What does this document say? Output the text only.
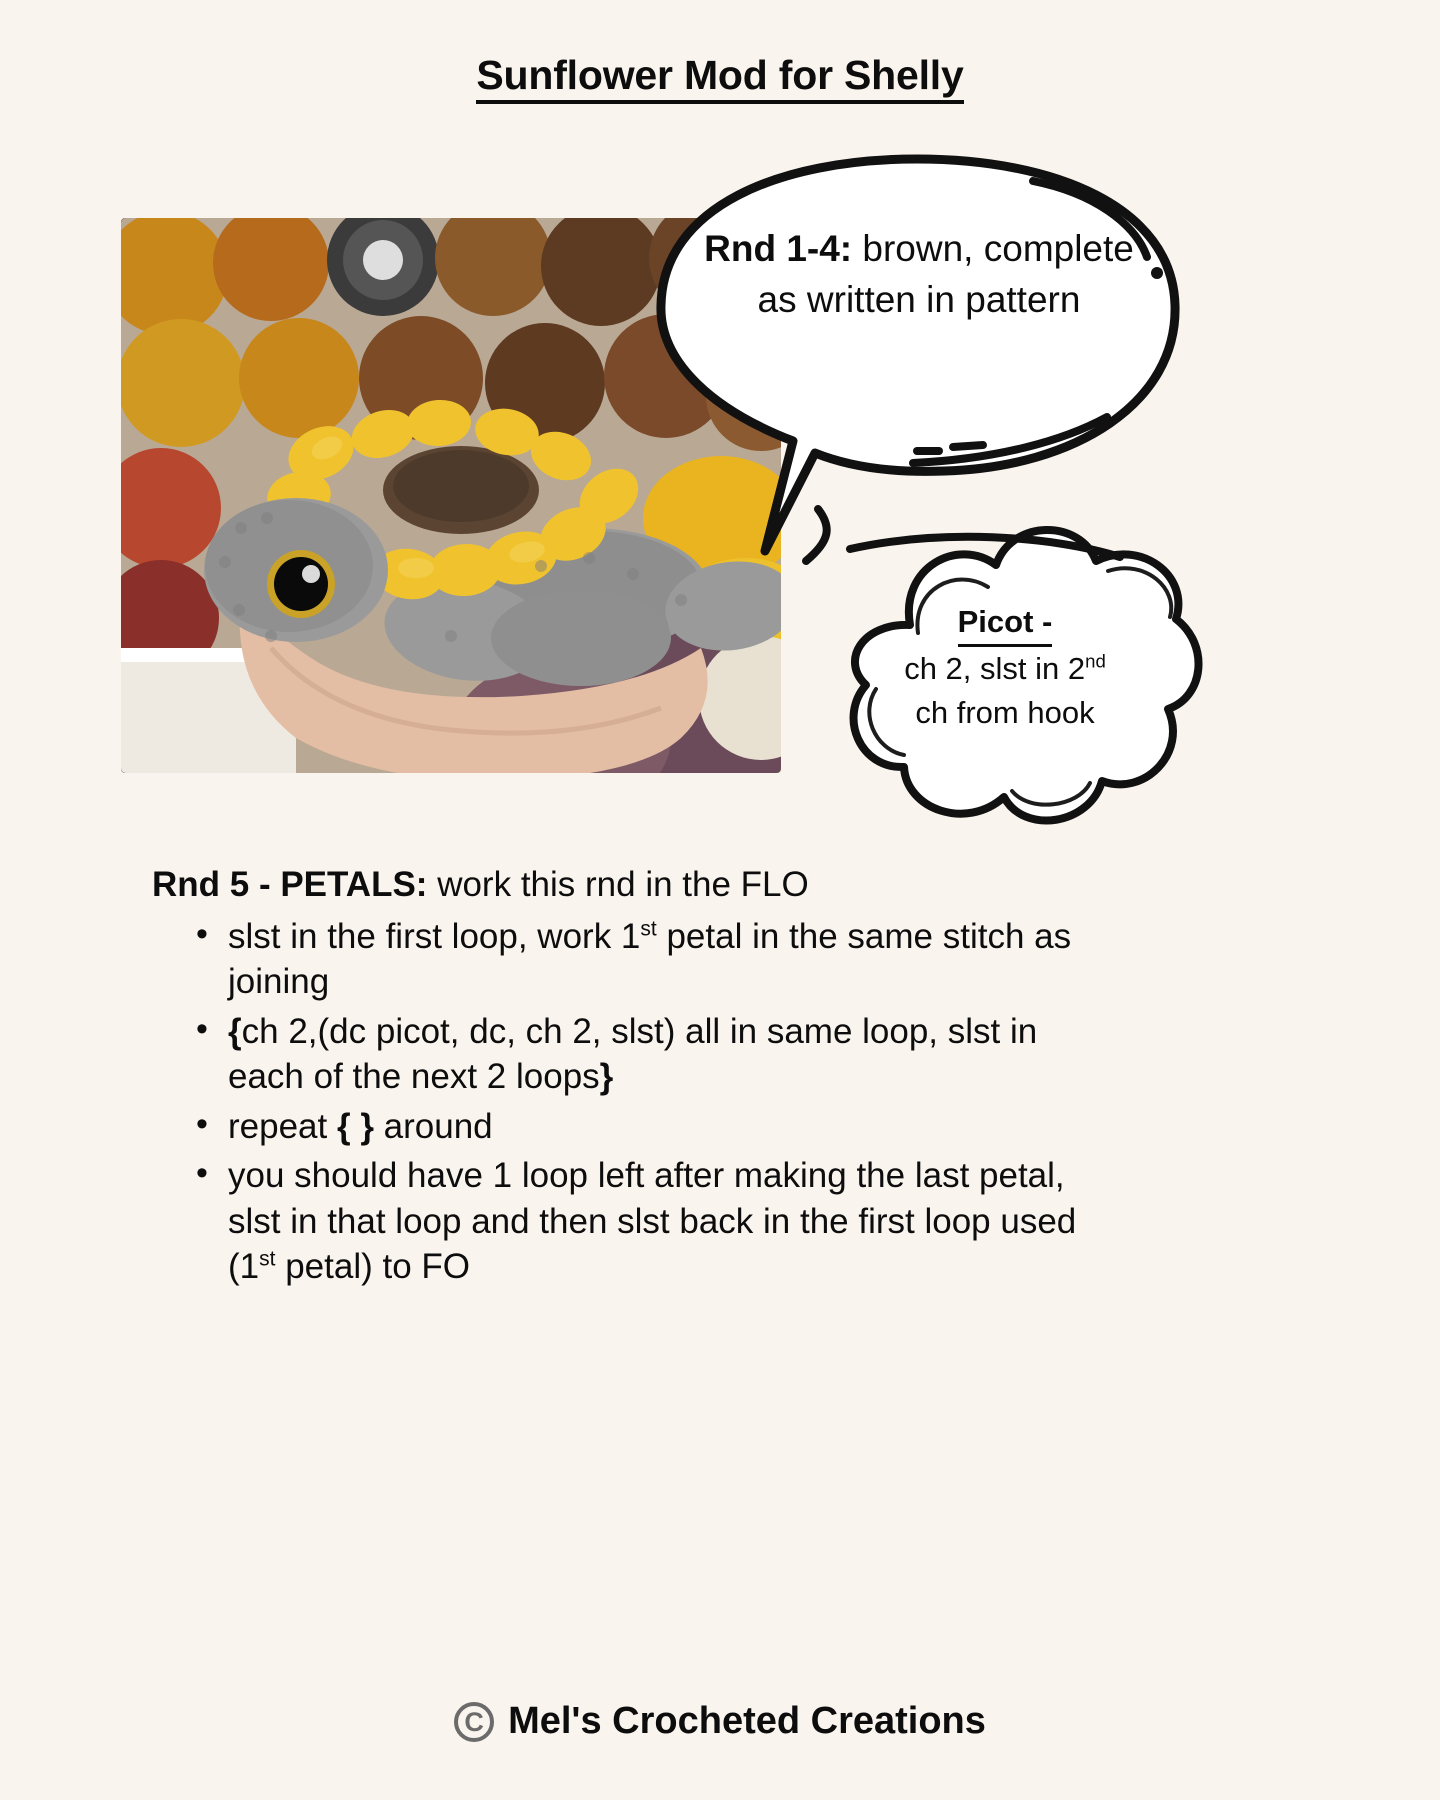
Sunflower Mod for Shelly
Rnd 1-4: brown, complete as written in pattern
Picot -
ch 2, slst in 2nd
ch from hook
Rnd 5 - PETALS: work this rnd in the FLO
• slst in the first loop, work 1st petal in the same stitch as joining
• {ch 2,(dc picot, dc, ch 2, slst) all in same loop, slst in each of the next 2 loops}
• repeat { } around
• you should have 1 loop left after making the last petal, slst in that loop and then slst back in the first loop used (1st petal) to FO
C Mel's Crocheted Creations
